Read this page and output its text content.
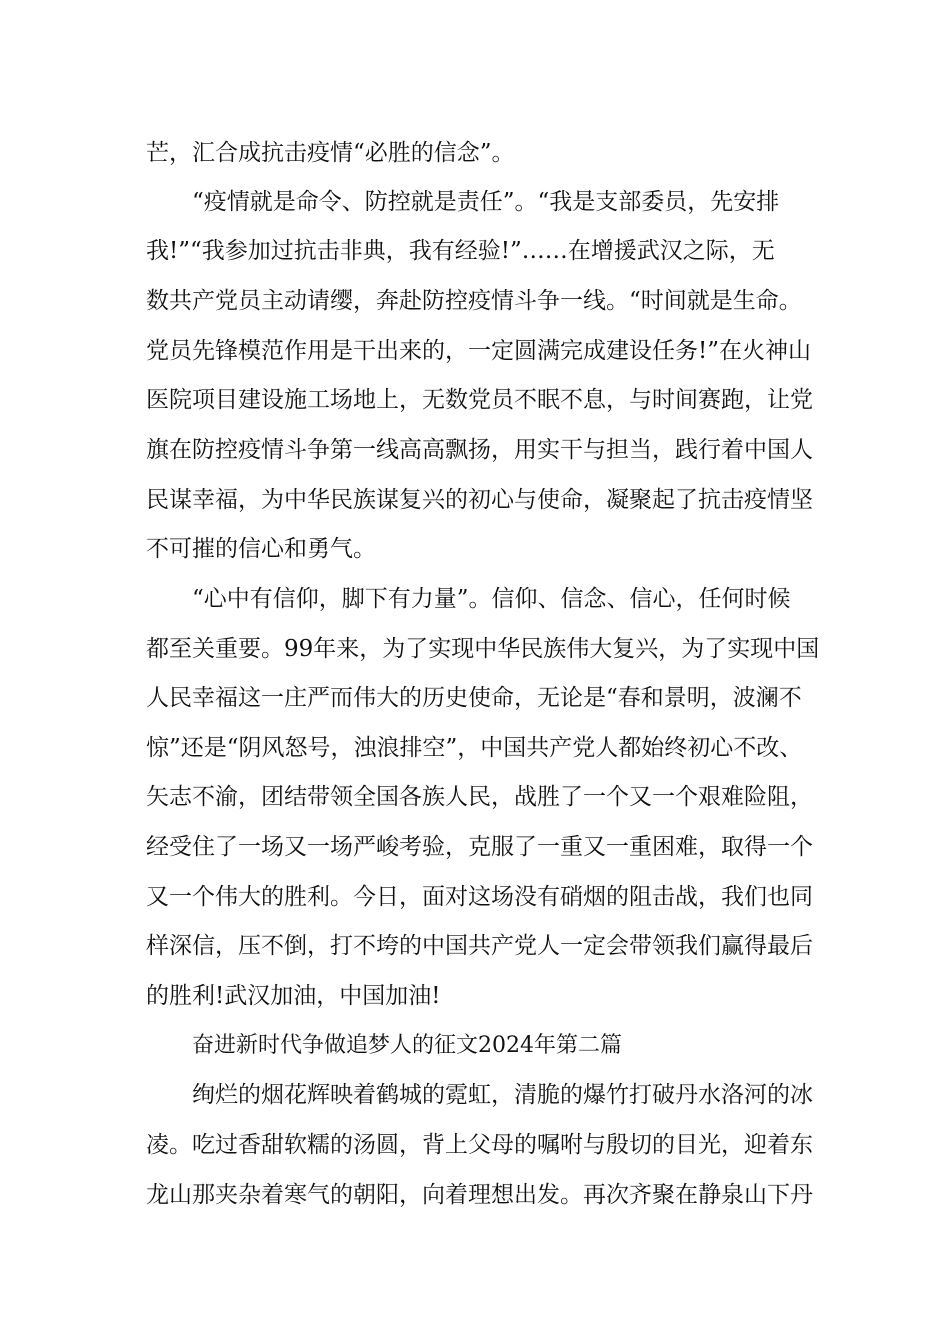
芒，汇合成抗击疫情“必胜的信念”。

“疫情就是命令、防控就是责任”。“我是支部委员，先安排

我!”“我参加过抗击非典，我有经验!”……在增援武汉之际，无

数共产党员主动请缨，奔赴防控疫情斗争一线。“时间就是生命。

党员先锋模范作用是干出来的，一定圆满完成建设任务!”在火神山

医院项目建设施工场地上，无数党员不眠不息，与时间赛跑，让党

旗在防控疫情斗争第一线高高飘扬，用实干与担当，践行着中国人

民谋幸福，为中华民族谋复兴的初心与使命，凝聚起了抗击疫情坚

不可摧的信心和勇气。

“心中有信仰，脚下有力量”。信仰、信念、信心，任何时候

都至关重要。99年来，为了实现中华民族伟大复兴，为了实现中国

人民幸福这一庄严而伟大的历史使命，无论是“春和景明，波澜不

惊”还是“阴风怒号，浊浪排空”，中国共产党人都始终初心不改、

矢志不渝，团结带领全国各族人民，战胜了一个又一个艰难险阻，

经受住了一场又一场严峻考验，克服了一重又一重困难，取得一个

又一个伟大的胜利。今日，面对这场没有硝烟的阻击战，我们也同

样深信，压不倒，打不垮的中国共产党人一定会带领我们赢得最后

的胜利!武汉加油，中国加油!

奋进新时代争做追梦人的征文2024年第二篇

绚烂的烟花辉映着鹤城的霓虹，清脆的爆竹打破丹水洛河的冰

凌。吃过香甜软糯的汤圆，背上父母的嘱咐与殷切的目光，迎着东

龙山那夹杂着寒气的朝阳，向着理想出发。再次齐聚在静泉山下丹
